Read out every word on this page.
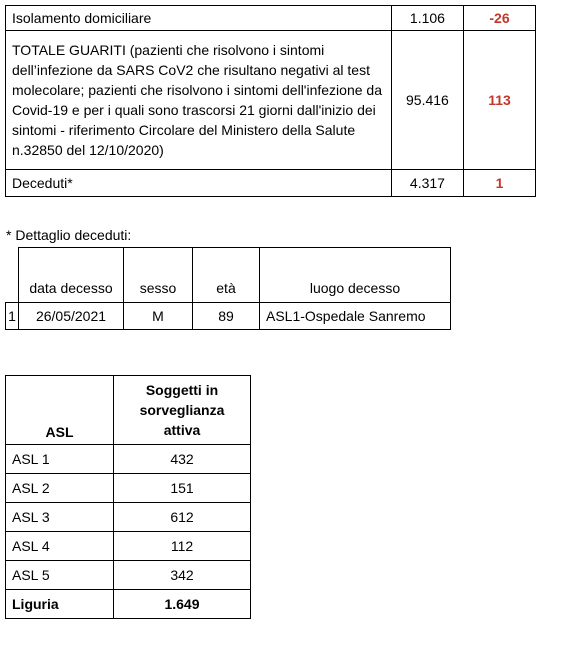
Isolamento domiciliare	1.106	-26
TOTALE GUARITI (pazienti che risolvono i sintomi dell’infezione da SARS CoV2 che risultano negativi al test molecolare; pazienti che risolvono i sintomi dell'infezione da Covid-19 e per i quali sono trascorsi 21 giorni dall'inizio dei sintomi - riferimento Circolare del Ministero della Salute n.32850 del 12/10/2020)	95.416	113
Deceduti*	4.317	1
* Dettaglio deceduti:
	data decesso	sesso	età	luogo decesso
1	26/05/2021	M	89	ASL1-Ospedale Sanremo
ASL	Soggetti in sorveglianza attiva
ASL 1	432
ASL 2	151
ASL 3	612
ASL 4	112
ASL 5	342
Liguria	1.649
